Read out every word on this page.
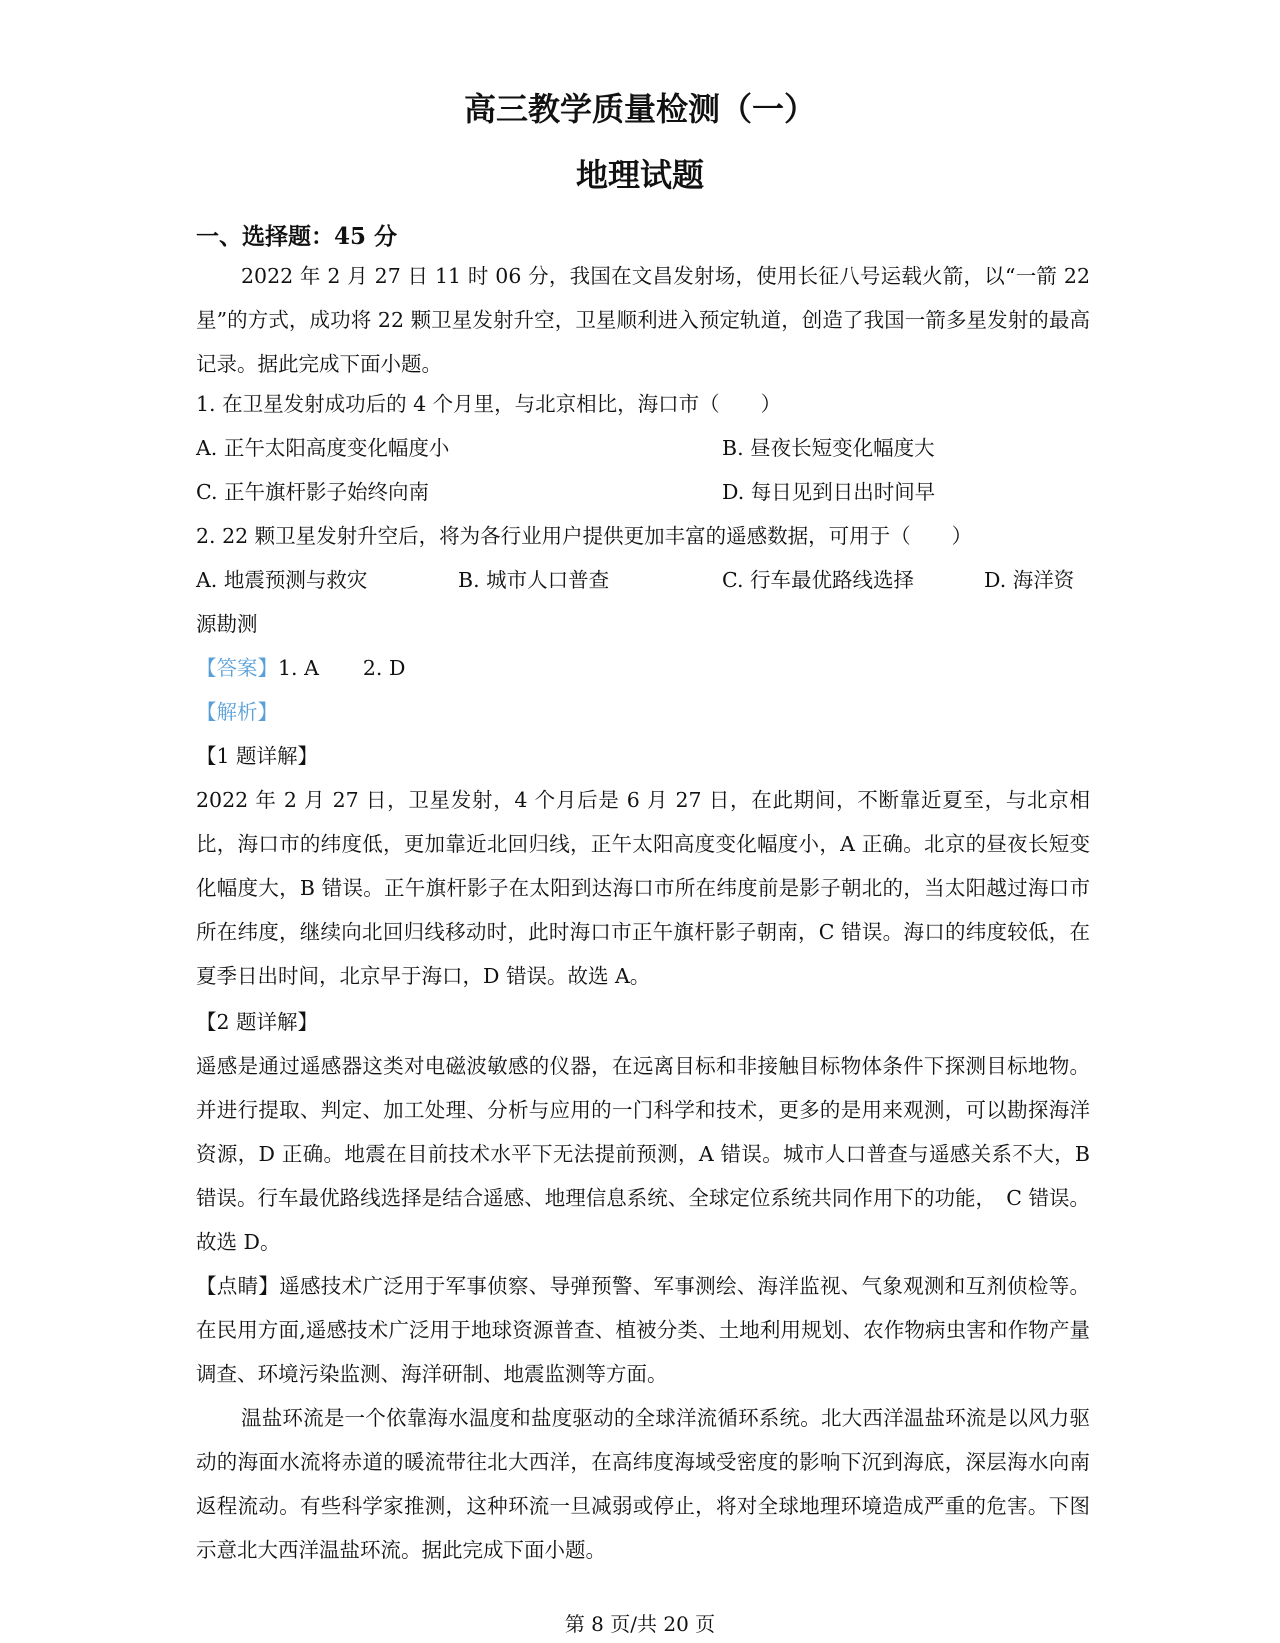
高三教学质量检测（一）
地理试题
一、选择题：45 分
2022 年 2 月 27 日 11 时 06 分，我国在文昌发射场，使用长征八号运载火箭，以“一箭 22 星”的方式，成功将 22 颗卫星发射升空，卫星顺利进入预定轨道，创造了我国一箭多星发射的最高记录。据此完成下面小题。
1. 在卫星发射成功后的 4 个月里，与北京相比，海口市（　　）
A. 正午太阳高度变化幅度小	B. 昼夜长短变化幅度大
C. 正午旗杆影子始终向南	D. 每日见到日出时间早
2. 22 颗卫星发射升空后，将为各行业用户提供更加丰富的遥感数据，可用于（　　）
A. 地震预测与救灾	B. 城市人口普查	C. 行车最优路线选择	D. 海洋资
源勘测
【答案】1. A 2. D
【解析】
【1 题详解】
2022 年 2 月 27 日，卫星发射，4 个月后是 6 月 27 日，在此期间，不断靠近夏至，与北京相比，海口市的纬度低，更加靠近北回归线，正午太阳高度变化幅度小，A 正确。北京的昼夜长短变化幅度大，B 错误。正午旗杆影子在太阳到达海口市所在纬度前是影子朝北的，当太阳越过海口市所在纬度，继续向北回归线移动时，此时海口市正午旗杆影子朝南，C 错误。海口的纬度较低，在夏季日出时间，北京早于海口，D 错误。故选 A。
【2 题详解】
遥感是通过遥感器这类对电磁波敏感的仪器，在远离目标和非接触目标物体条件下探测目标地物。并进行提取、判定、加工处理、分析与应用的一门科学和技术，更多的是用来观测，可以勘探海洋资源，D 正确。地震在目前技术水平下无法提前预测，A 错误。城市人口普查与遥感关系不大，B 错误。行车最优路线选择是结合遥感、地理信息系统、全球定位系统共同作用下的功能，　C 错误。故选 D。
【点睛】遥感技术广泛用于军事侦察、导弹预警、军事测绘、海洋监视、气象观测和互剂侦检等。在民用方面,遥感技术广泛用于地球资源普查、植被分类、土地利用规划、农作物病虫害和作物产量调查、环境污染监测、海洋研制、地震监测等方面。
温盐环流是一个依靠海水温度和盐度驱动的全球洋流循环系统。北大西洋温盐环流是以风力驱动的海面水流将赤道的暖流带往北大西洋，在高纬度海域受密度的影响下沉到海底，深层海水向南返程流动。有些科学家推测，这种环流一旦减弱或停止，将对全球地理环境造成严重的危害。下图示意北大西洋温盐环流。据此完成下面小题。
第 8 页/共 20 页
